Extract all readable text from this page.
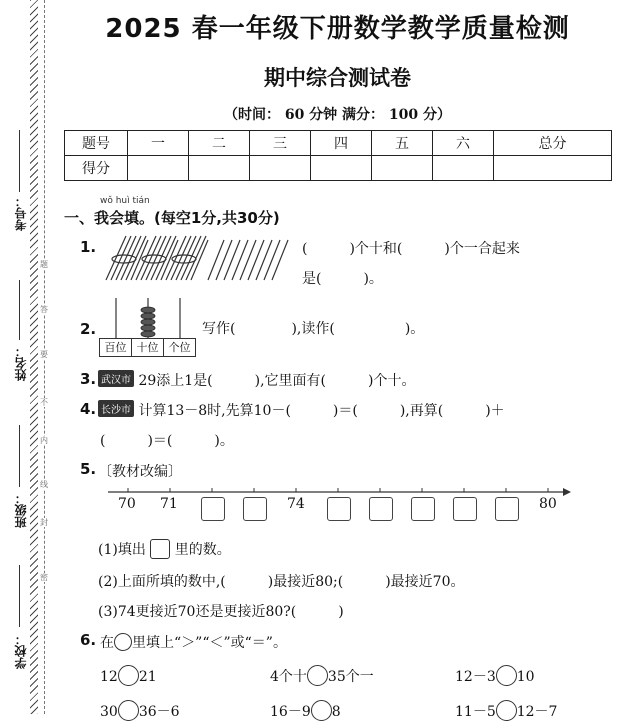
考号：
姓名：
班级：
学校：
题
答
要
不
内
线
封
密
2025 春一年级下册数学教学质量检测
期中综合测试卷
（时间： 60 分钟 满分： 100 分）
题号	一	二	三	四	五	六	总分
得分							
wǒ huì tián
一、我会填。(每空1分,共30分)
1.	(　　　)个十和(　　　)个一合起来
是(　　　)。
2.
百位 十位 个位
写作(　　　　),读作(　　　　　)。
3. 武汉市 29添上1是(　　　),它里面有(　　　)个十。
4. 长沙市 计算13－8时,先算10－(　　　)＝(　　　),再算(　　　)＋
(　　　)＝(　　　)。
5. 〔教材改编〕
70 71	74	80
(1)填出 里的数。
(2)上面所填的数中,(　　　)最接近80;(　　　)最接近70。
(3)74更接近70还是更接近80?(　　　)
6. 在 里填上“＞”“＜”或“＝”。
12 21	4个十 35个一	12－3 10
30 36－6	16－9 8	11－5 12－7
